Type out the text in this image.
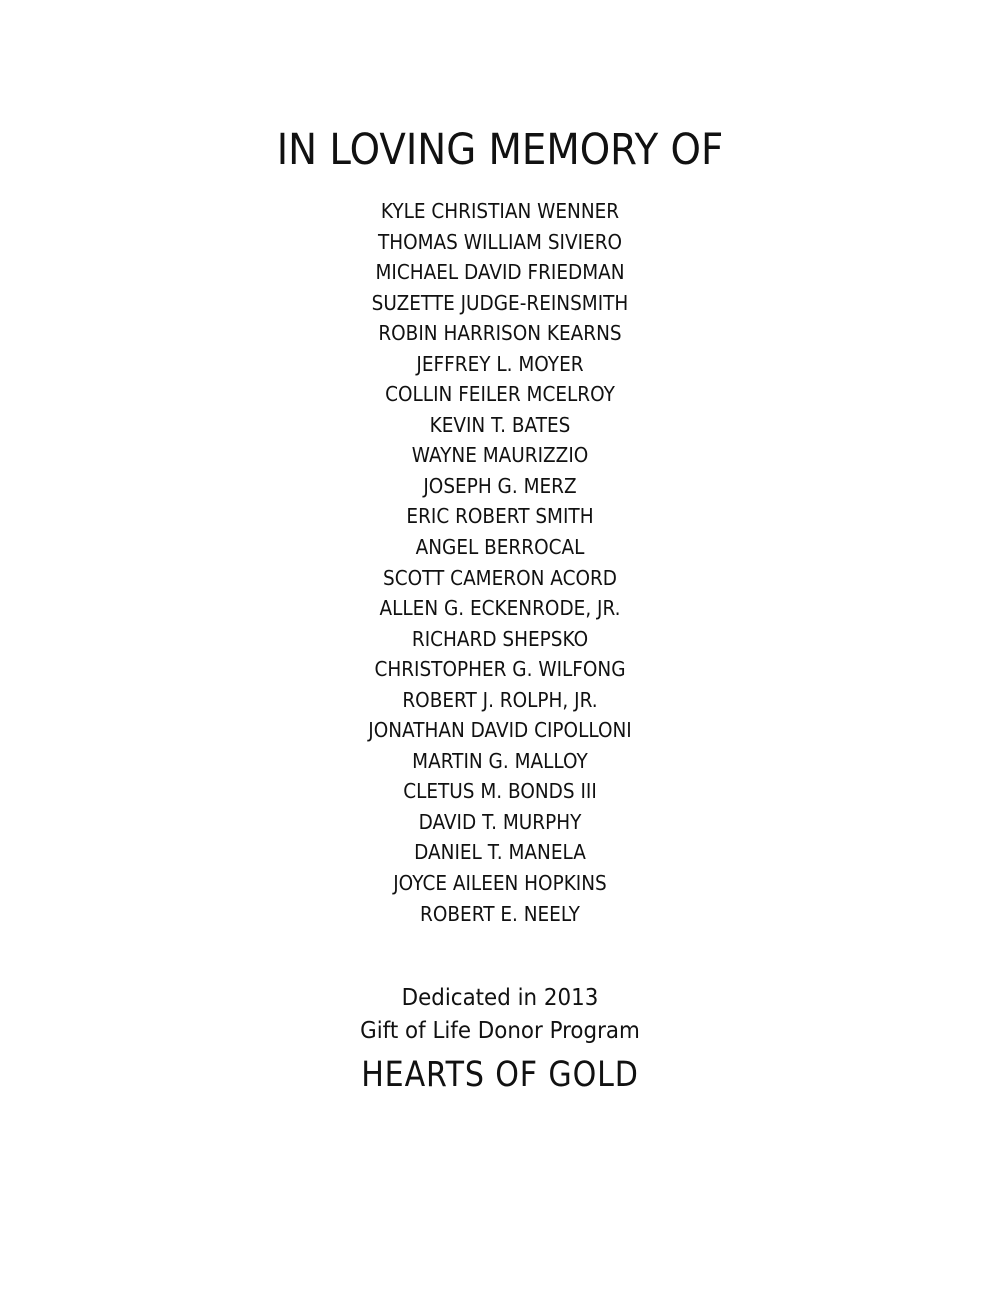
IN LOVING MEMORY OF
KYLE CHRISTIAN WENNER
THOMAS WILLIAM SIVIERO
MICHAEL DAVID FRIEDMAN
SUZETTE JUDGE-REINSMITH
ROBIN HARRISON KEARNS
JEFFREY L. MOYER
COLLIN FEILER MCELROY
KEVIN T. BATES
WAYNE MAURIZZIO
JOSEPH G. MERZ
ERIC ROBERT SMITH
ANGEL BERROCAL
SCOTT CAMERON ACORD
ALLEN G. ECKENRODE, JR.
RICHARD SHEPSKO
CHRISTOPHER G. WILFONG
ROBERT J. ROLPH, JR.
JONATHAN DAVID CIPOLLONI
MARTIN G. MALLOY
CLETUS M. BONDS III
DAVID T. MURPHY
DANIEL T. MANELA
JOYCE AILEEN HOPKINS
ROBERT E. NEELY
Dedicated in 2013
Gift of Life Donor Program
HEARTS OF GOLD
